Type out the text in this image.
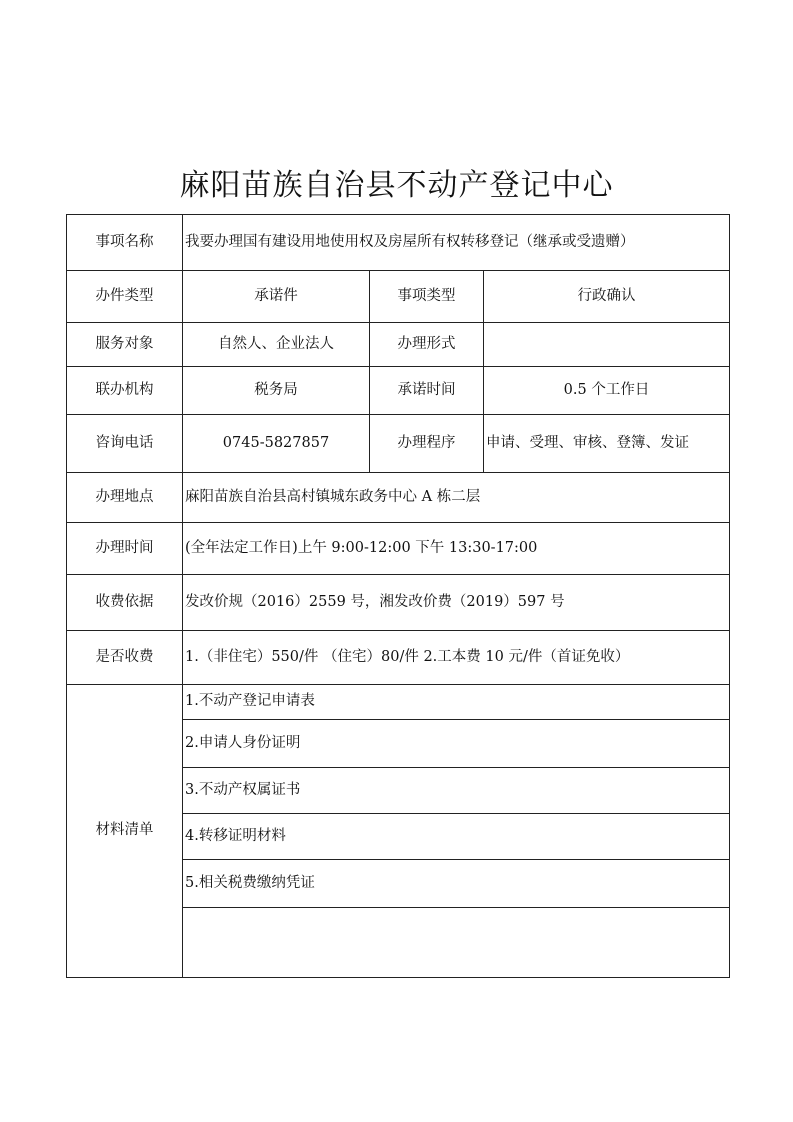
麻阳苗族自治县不动产登记中心
事项名称	我要办理国有建设用地使用权及房屋所有权转移登记（继承或受遗赠）		
办件类型	承诺件	事项类型	行政确认
服务对象	自然人、企业法人	办理形式	
联办机构	税务局	承诺时间	0.5 个工作日
咨询电话	0745-5827857	办理程序	申请、受理、审核、登簿、发证
办理地点	麻阳苗族自治县高村镇城东政务中心 A 栋二层		
办理时间	(全年法定工作日)上午 9:00-12:00 下午 13:30-17:00		
收费依据	发改价规（2016）2559 号，湘发改价费（2019）597 号		
是否收费	1.（非住宅）550/件 （住宅）80/件 2.工本费 10 元/件（首证免收）		
材料清单	1.不动产登记申请表		
	2.申请人身份证明		
	3.不动产权属证书		
	4.转移证明材料		
	5.相关税费缴纳凭证		
